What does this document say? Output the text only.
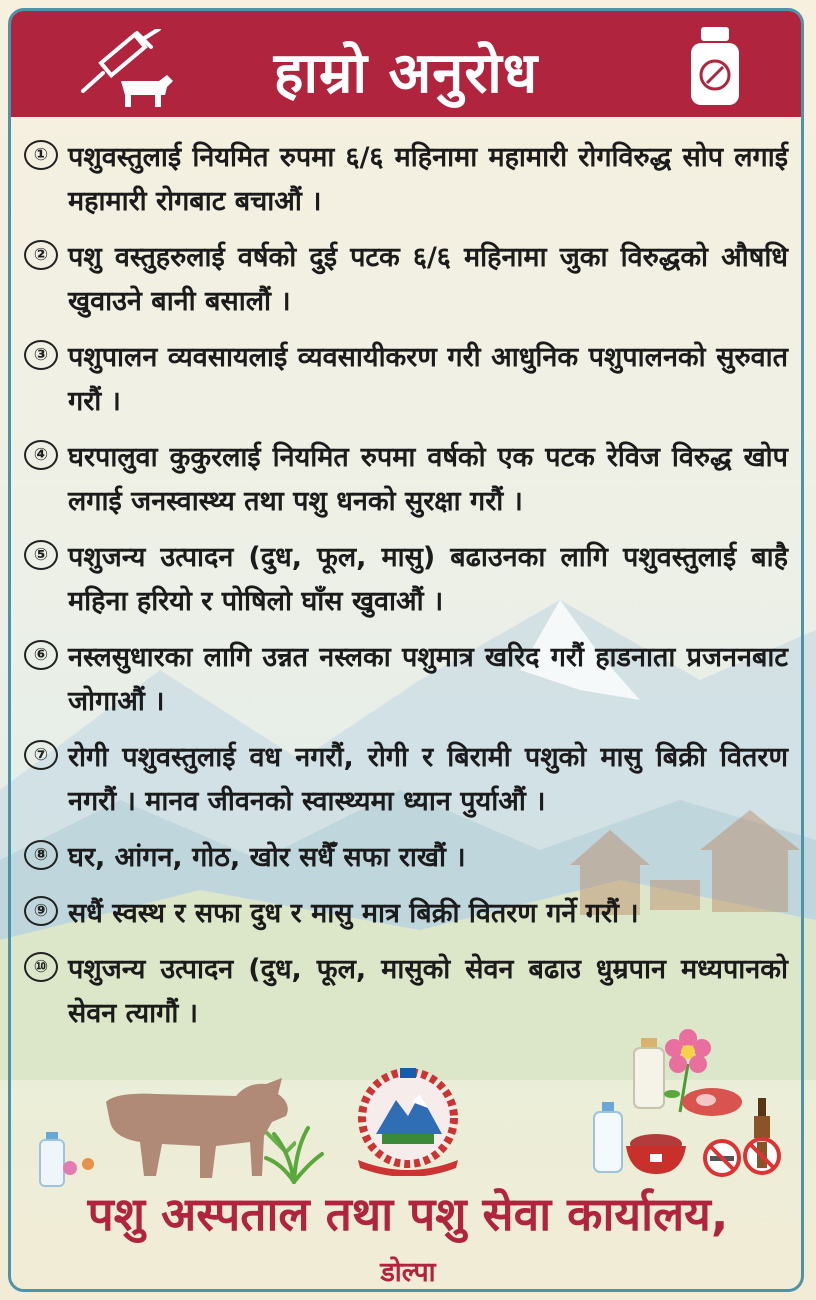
हाम्रो अनुरोध
① पशुवस्तुलाई नियमित रुपमा ६/६ महिनामा महामारी रोगविरुद्ध सोप लगाई महामारी रोगबाट बचाऔं ।
② पशु वस्तुहरुलाई वर्षको दुई पटक ६/६ महिनामा जुका विरुद्धको औषधि खुवाउने बानी बसालौं ।
③ पशुपालन व्यवसायलाई व्यवसायीकरण गरी आधुनिक पशुपालनको सुरुवात गरौं ।
④ घरपालुवा कुकुरलाई नियमित रुपमा वर्षको एक पटक रेविज विरुद्ध खोप लगाई जनस्वास्थ्य तथा पशु धनको सुरक्षा गरौं ।
⑤ पशुजन्य उत्पादन (दुध, फूल, मासु) बढाउनका लागि पशुवस्तुलाई बाहै महिना हरियो र पोषिलो घाँस खुवाऔं ।
⑥ नस्लसुधारका लागि उन्नत नस्लका पशुमात्र खरिद गरौं हाडनाता प्रजननबाट जोगाऔं ।
⑦ रोगी पशुवस्तुलाई वध नगरौं, रोगी र बिरामी पशुको मासु बिक्री वितरण नगरौं । मानव जीवनको स्वास्थ्यमा ध्यान पुर्याऔं ।
⑧ घर, आंगन, गोठ, खोर सधैँ सफा राखौं ।
⑨ सधैं स्वस्थ र सफा दुध र मासु मात्र बिक्री वितरण गर्ने गरौं ।
⑩ पशुजन्य उत्पादन (दुध, फूल, मासुको सेवन बढाउ धुम्रपान मध्यपानको सेवन त्यागौं ।
पशु अस्पताल तथा पशु सेवा कार्यालय,
डोल्पा
